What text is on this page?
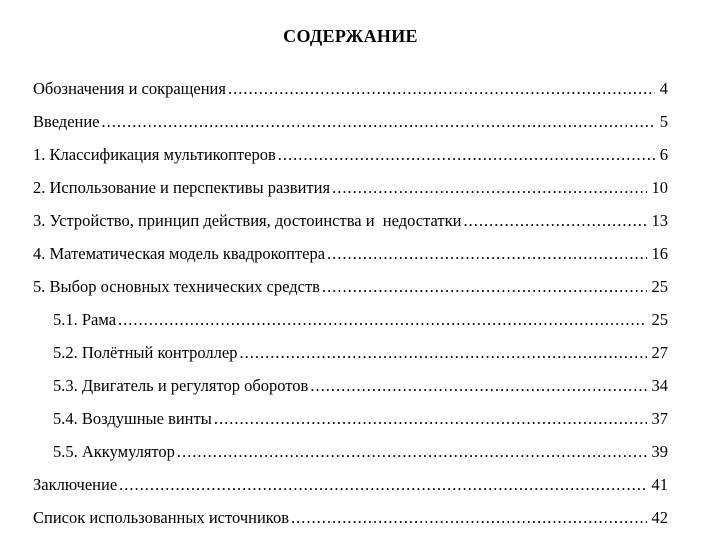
СОДЕРЖАНИЕ
Обозначения и сокращения .....	4
Введение .....	5
1. Классификация мультикоптеров .....	6
2. Использование и перспективы развития .....	10
3. Устройство, принцип действия, достоинства и  недостатки .....	13
4. Математическая модель квадрокоптера .....	16
5. Выбор основных технических средств .....	25
5.1. Рама .....	25
5.2. Полётный контроллер .....	27
5.3. Двигатель и регулятор оборотов .....	34
5.4. Воздушные винты .....	37
5.5. Аккумулятор .....	39
Заключение .....	41
Список использованных источников .....	42
